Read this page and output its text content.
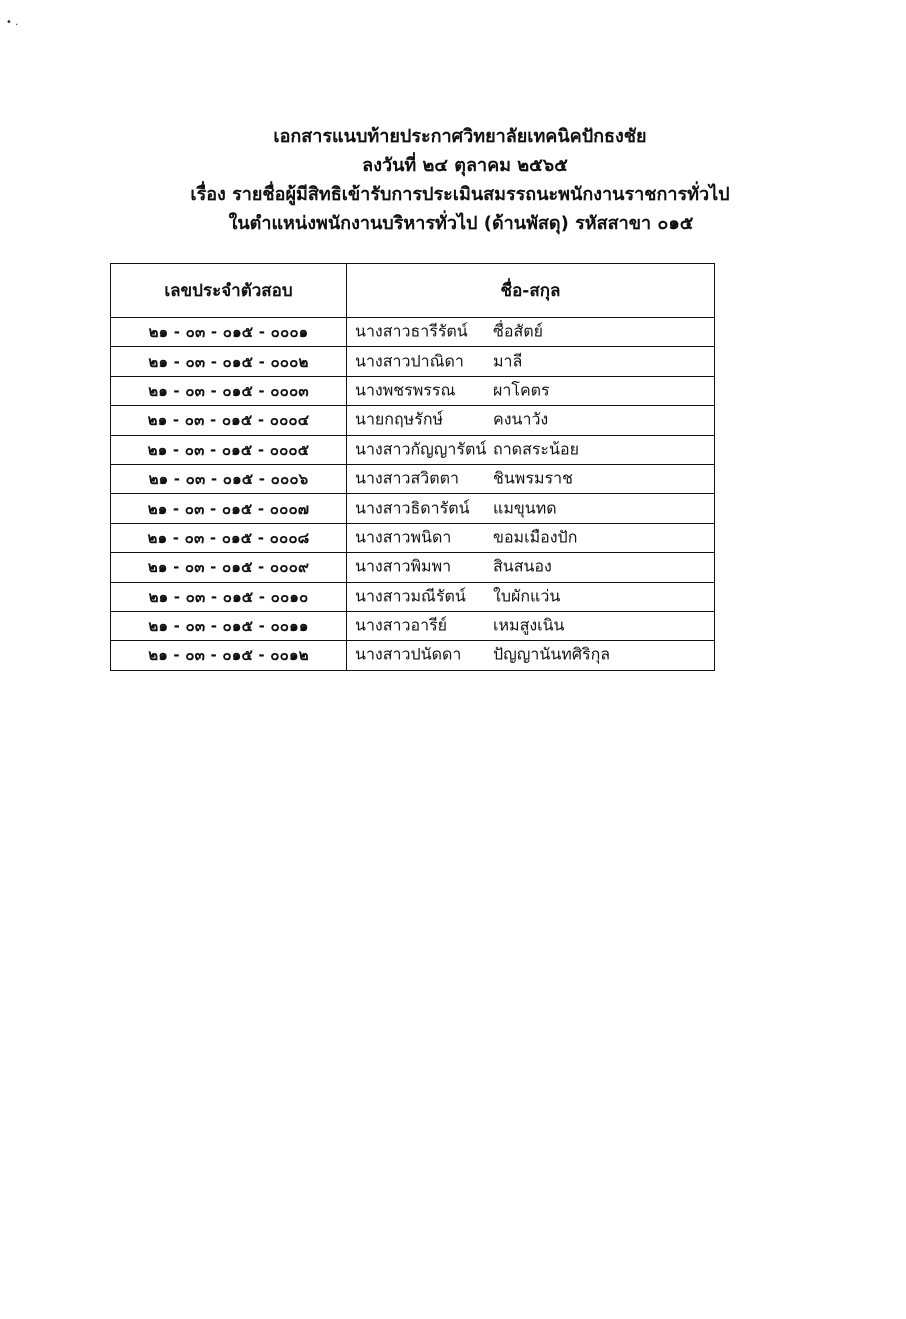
• .
เอกสารแนบท้ายประกาศวิทยาลัยเทคนิคปักธงชัย
ลงวันที่ ๒๔ ตุลาคม ๒๕๖๕
เรื่อง รายชื่อผู้มีสิทธิเข้ารับการประเมินสมรรถนะพนักงานราชการทั่วไป
ในตำแหน่งพนักงานบริหารทั่วไป (ด้านพัสดุ) รหัสสาขา ๐๑๕
เลขประจำตัวสอบ	ชื่อ-สกุล
๒๑ - ๐๓ - ๐๑๕ - ๐๐๐๑	นางสาวธารีรัตน์ ซื่อสัตย์

๒๑ - ๐๓ - ๐๑๕ - ๐๐๐๒	นางสาวปาณิดา มาลี

๒๑ - ๐๓ - ๐๑๕ - ๐๐๐๓	นางพชรพรรณ ผาโคตร

๒๑ - ๐๓ - ๐๑๕ - ๐๐๐๔	นายกฤษรักษ์ คงนาวัง

๒๑ - ๐๓ - ๐๑๕ - ๐๐๐๕	นางสาวกัญญารัตน์ ถาดสระน้อย

๒๑ - ๐๓ - ๐๑๕ - ๐๐๐๖	นางสาวสวิตตา ชินพรมราช

๒๑ - ๐๓ - ๐๑๕ - ๐๐๐๗	นางสาวธิดารัตน์ แมขุนทด

๒๑ - ๐๓ - ๐๑๕ - ๐๐๐๘	นางสาวพนิดา ขอมเมืองปัก

๒๑ - ๐๓ - ๐๑๕ - ๐๐๐๙	นางสาวพิมพา สินสนอง

๒๑ - ๐๓ - ๐๑๕ - ๐๐๑๐	นางสาวมณีรัตน์ ใบผักแว่น

๒๑ - ๐๓ - ๐๑๕ - ๐๐๑๑	นางสาวอารีย์ เหมสูงเนิน

๒๑ - ๐๓ - ๐๑๕ - ๐๐๑๒	นางสาวปนัดดา ปัญญานันทศิริกุล
